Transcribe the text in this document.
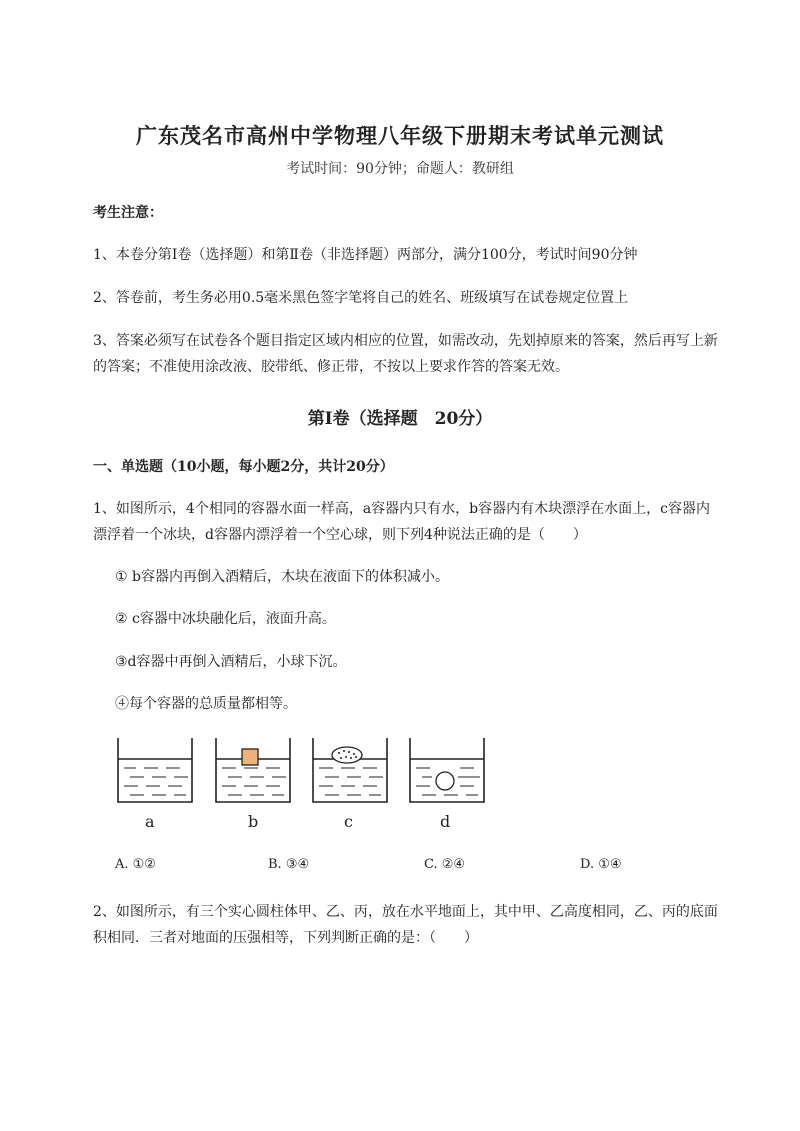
广东茂名市高州中学物理八年级下册期末考试单元测试
考试时间：90分钟；命题人：教研组
考生注意：
1、本卷分第Ⅰ卷（选择题）和第Ⅱ卷（非选择题）两部分，满分100分，考试时间90分钟
2、答卷前，考生务必用0.5毫米黑色签字笔将自己的姓名、班级填写在试卷规定位置上
3、答案必须写在试卷各个题目指定区域内相应的位置，如需改动，先划掉原来的答案，然后再写上新
的答案；不准使用涂改液、胶带纸、修正带，不按以上要求作答的答案无效。
第Ⅰ卷（选择题　20分）
一、单选题（10小题，每小题2分，共计20分）
1、如图所示，4个相同的容器水面一样高，a容器内只有水，b容器内有木块漂浮在水面上，c容器内
漂浮着一个冰块，d容器内漂浮着一个空心球，则下列4种说法正确的是（　　）
① b容器内再倒入酒精后，木块在液面下的体积减小。
② c容器中冰块融化后，液面升高。
③d容器中再倒入酒精后，小球下沉。
④每个容器的总质量都相等。
a	b	c	d
A. ①②	B. ③④	C. ②④	D. ①④
2、如图所示，有三个实心圆柱体甲、乙、丙，放在水平地面上，其中甲、乙高度相同，乙、丙的底面
积相同．三者对地面的压强相等，下列判断正确的是：（　　）
